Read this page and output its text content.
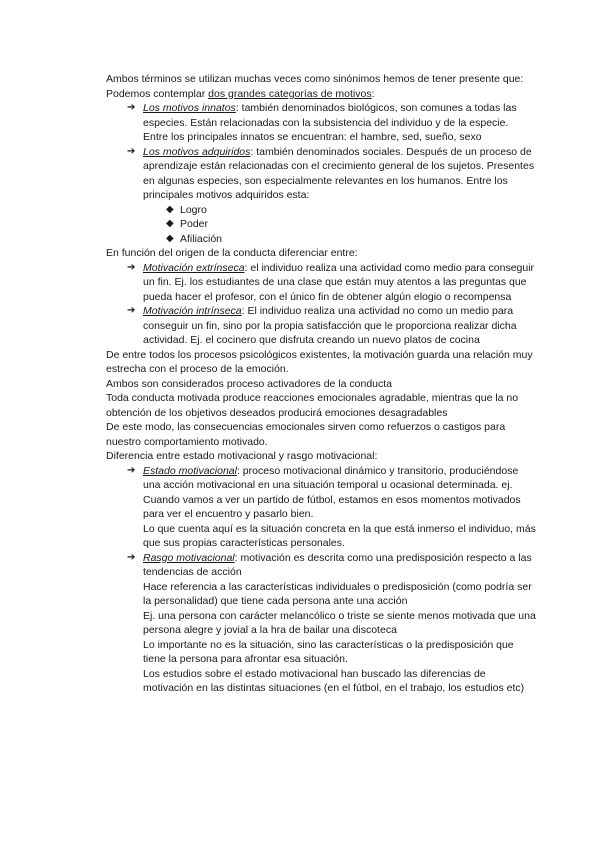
Ambos términos se utilizan muchas veces como sinónimos hemos de tener presente que:

Podemos contemplar dos grandes categorías de motivos:

➔ Los motivos innatos: también denominados biológicos, son comunes a todas las especies. Están relacionadas con la subsistencia del individuo y de la especie. Entre los principales innatos se encuentran: el hambre, sed, sueño, sexo
➔ Los motivos adquiridos: también denominados sociales. Después de un proceso de aprendizaje están relacionadas con el crecimiento general de los sujetos. Presentes en algunas especies, son especialmente relevantes en los humanos. Entre los principales motivos adquiridos esta:
◆ Logro
◆ Poder
◆ Afiliación

En función del origen de la conducta diferenciar entre:

➔ Motivación extrínseca: el individuo realiza una actividad como medio para conseguir un fin. Ej. los estudiantes de una clase que están muy atentos a las preguntas que pueda hacer el profesor, con el único fin de obtener algún elogio o recompensa
➔ Motivación intrínseca: El individuo realiza una actividad no como un medio para conseguir un fin, sino por la propia satisfacción que le proporciona realizar dicha actividad. Ej. el cocinero que disfruta creando un nuevo platos de cocina

De entre todos los procesos psicológicos existentes, la motivación guarda una relación muy estrecha con el proceso de la emoción.

Ambos son considerados proceso activadores de la conducta

Toda conducta motivada produce reacciones emocionales agradable, mientras que la no obtención de los objetivos deseados producirá emociones desagradables

De este modo, las consecuencias emocionales sirven como refuerzos o castigos para nuestro comportamiento motivado.

Diferencia entre estado motivacional y rasgo motivacional:

➔ Estado motivacional: proceso motivacional dinámico y transitorio, produciéndose una acción motivacional en una situación temporal u ocasional determinada. ej. Cuando vamos a ver un partido de fútbol, estamos en esos momentos motivados para ver el encuentro y pasarlo bien.

Lo que cuenta aquí es la situación concreta en la que está inmerso el individuo, más que sus propias características personales.

➔ Rasgo motivacional: motivación es descrita como una predisposición respecto a las tendencias de acción

Hace referencia a las características individuales o predisposición (como podría ser la personalidad) que tiene cada persona ante una acción

Ej. una persona con carácter melancólico o triste se siente menos motivada que una persona alegre y jovial a la hra de bailar una discoteca

Lo importante no es la situación, sino las características o la predisposición que tiene la persona para afrontar esa situación.

Los estudios sobre el estado motivacional han buscado las diferencias de motivación en las distintas situaciones (en el fútbol, en el trabajo, los estudios etc)
